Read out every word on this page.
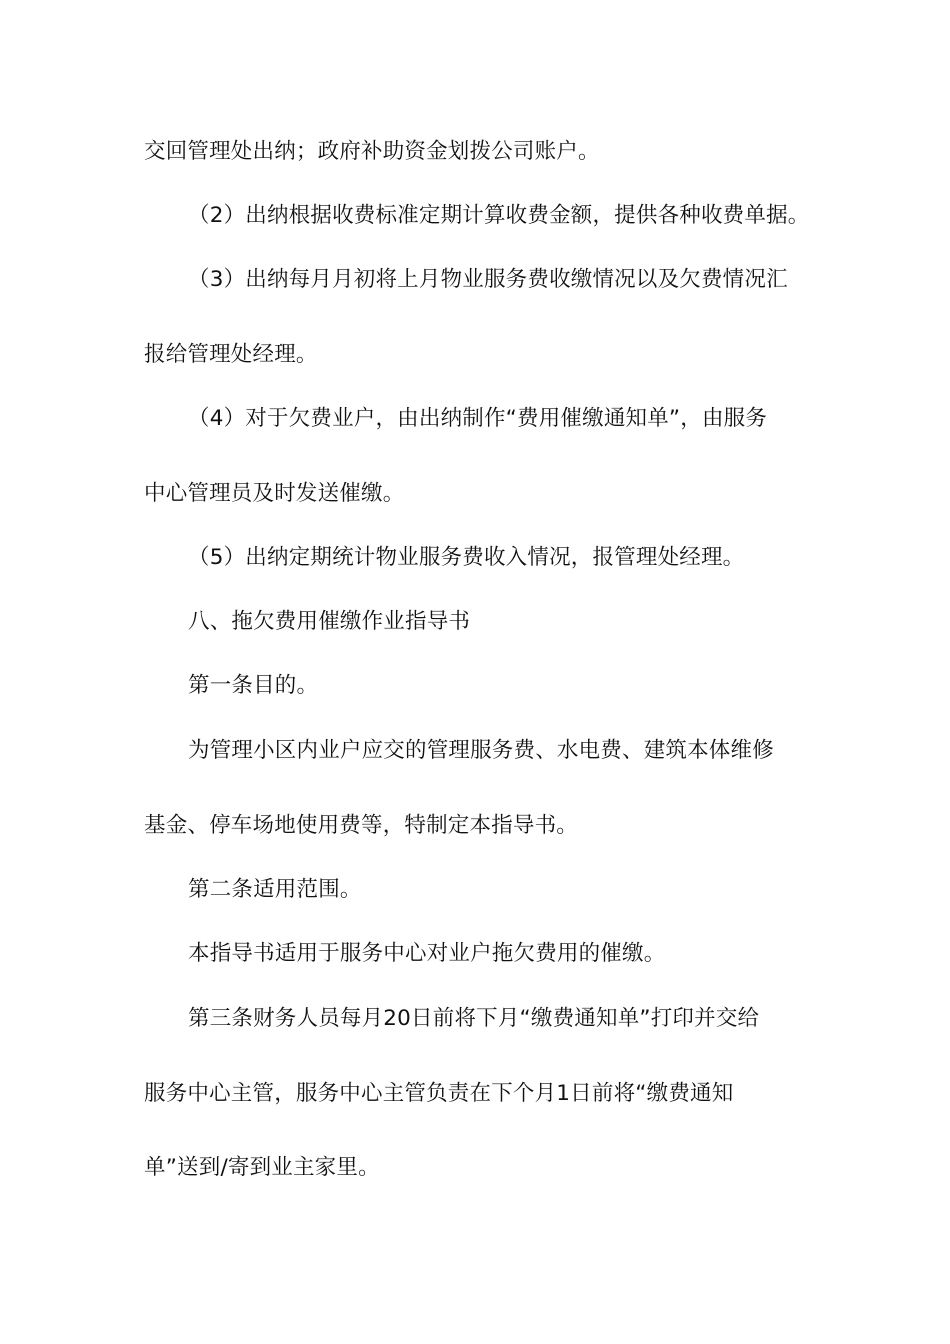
交回管理处出纳；政府补助资金划拨公司账户。
（2）出纳根据收费标准定期计算收费金额，提供各种收费单据。
（3）出纳每月月初将上月物业服务费收缴情况以及欠费情况汇
报给管理处经理。
（4）对于欠费业户，由出纳制作“费用催缴通知单”，由服务
中心管理员及时发送催缴。
（5）出纳定期统计物业服务费收入情况，报管理处经理。
八、拖欠费用催缴作业指导书
第一条目的。
为管理小区内业户应交的管理服务费、水电费、建筑本体维修
基金、停车场地使用费等，特制定本指导书。
第二条适用范围。
本指导书适用于服务中心对业户拖欠费用的催缴。
第三条财务人员每月20日前将下月“缴费通知单”打印并交给
服务中心主管，服务中心主管负责在下个月1日前将“缴费通知
单”送到/寄到业主家里。
